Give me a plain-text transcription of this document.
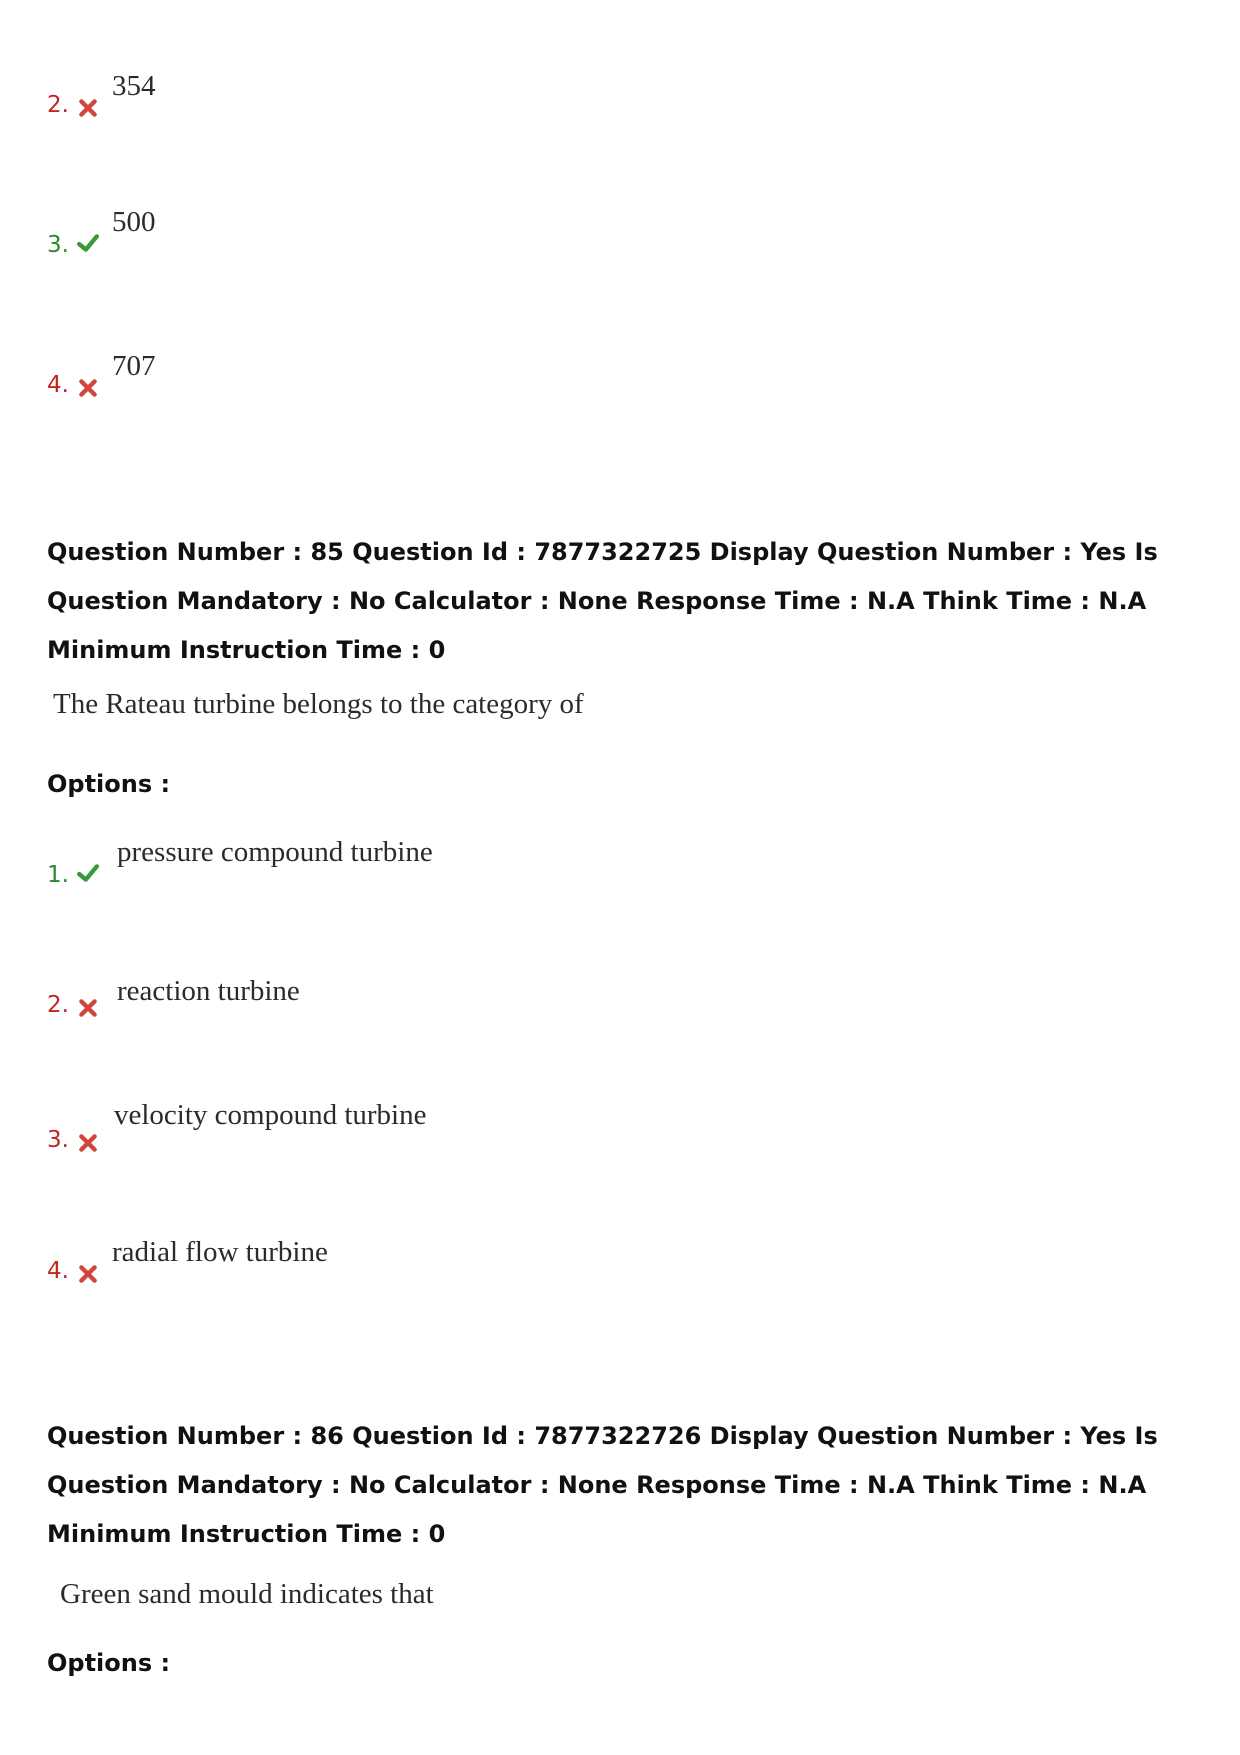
2.
354
3.
500
4.
707
Question Number : 85 Question Id : 7877322725 Display Question Number : Yes Is Question Mandatory : No Calculator : None Response Time : N.A Think Time : N.A Minimum Instruction Time : 0
The Rateau turbine belongs to the category of
Options :
1.
pressure compound turbine
2. reaction turbine
3.
velocity compound turbine
4.
radial flow turbine
Question Number : 86 Question Id : 7877322726 Display Question Number : Yes Is Question Mandatory : No Calculator : None Response Time : N.A Think Time : N.A Minimum Instruction Time : 0
Green sand mould indicates that
Options :
